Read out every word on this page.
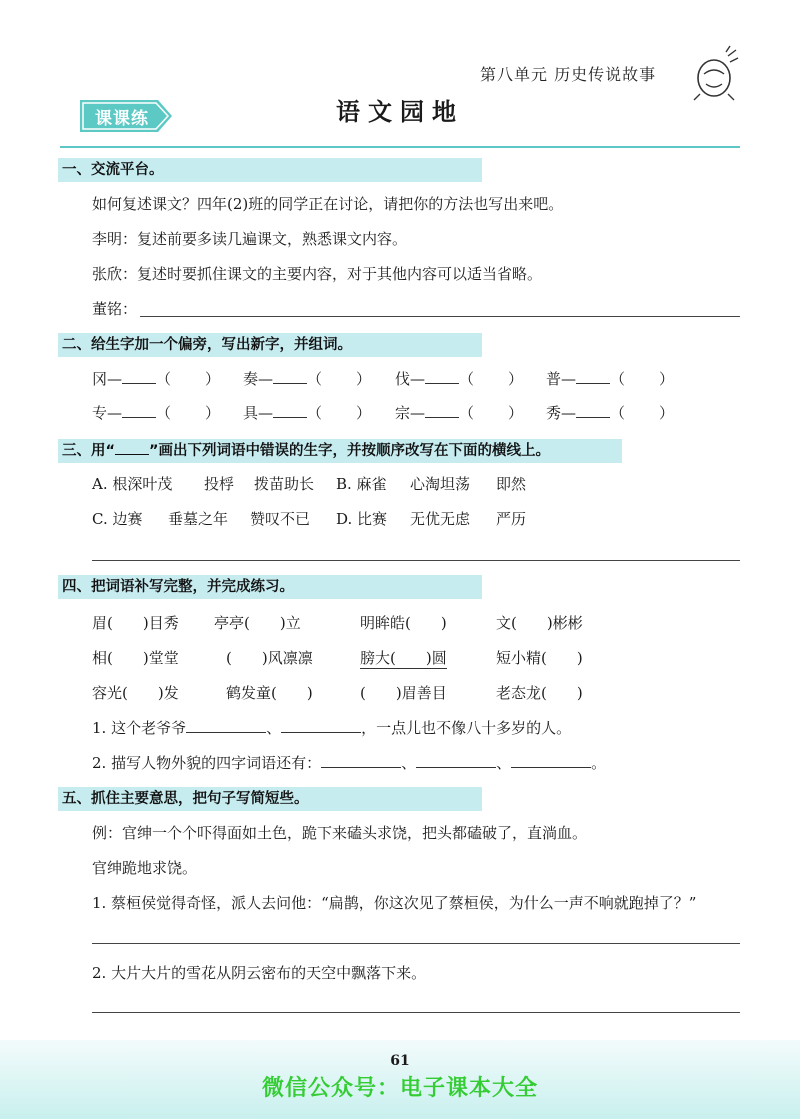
第八单元 历史传说故事
课课练	语文园地
一、交流平台。
如何复述课文？四年(2)班的同学正在讨论，请把你的方法也写出来吧。
李明：复述前要多读几遍课文，熟悉课文内容。
张欣：复述时要抓住课文的主要内容，对于其他内容可以适当省略。
董铭：
二、给生字加一个偏旁，写出新字，并组词。
冈— （ ） 奏— （ ） 伐— （ ） 普— （ ）
专— （ ） 具— （ ） 宗— （ ） 秀— （ ）
三、用“ ”画出下列词语中错误的生字，并按顺序改写在下面的横线上。
A. 根深叶茂 投桴 拨苗助长 B. 麻雀 心淘坦荡 即然
C. 边赛 垂墓之年 赞叹不已 D. 比赛 无优无虑 严历
四、把词语补写完整，并完成练习。
眉(　　)目秀 亭亭(　　)立	明眸皓(　　)	文(　　)彬彬
相(　　)堂堂	(　　)风凛凛	膀大(　　)圆	短小精(　　)
容光(　　)发	鹤发童(　　)	(　　)眉善目	老态龙(　　)
1. 这个老爷爷	、	，一点儿也不像八十多岁的人。
2. 描写人物外貌的四字词语还有：	、	、	。
五、抓住主要意思，把句子写简短些。
例：官绅一个个吓得面如土色，跪下来磕头求饶，把头都磕破了，直淌血。
官绅跪地求饶。
1. 蔡桓侯觉得奇怪，派人去问他：“扁鹊，你这次见了蔡桓侯，为什么一声不响就跑掉了？”
2. 大片大片的雪花从阴云密布的天空中飘落下来。
61
微信公众号：电子课本大全
